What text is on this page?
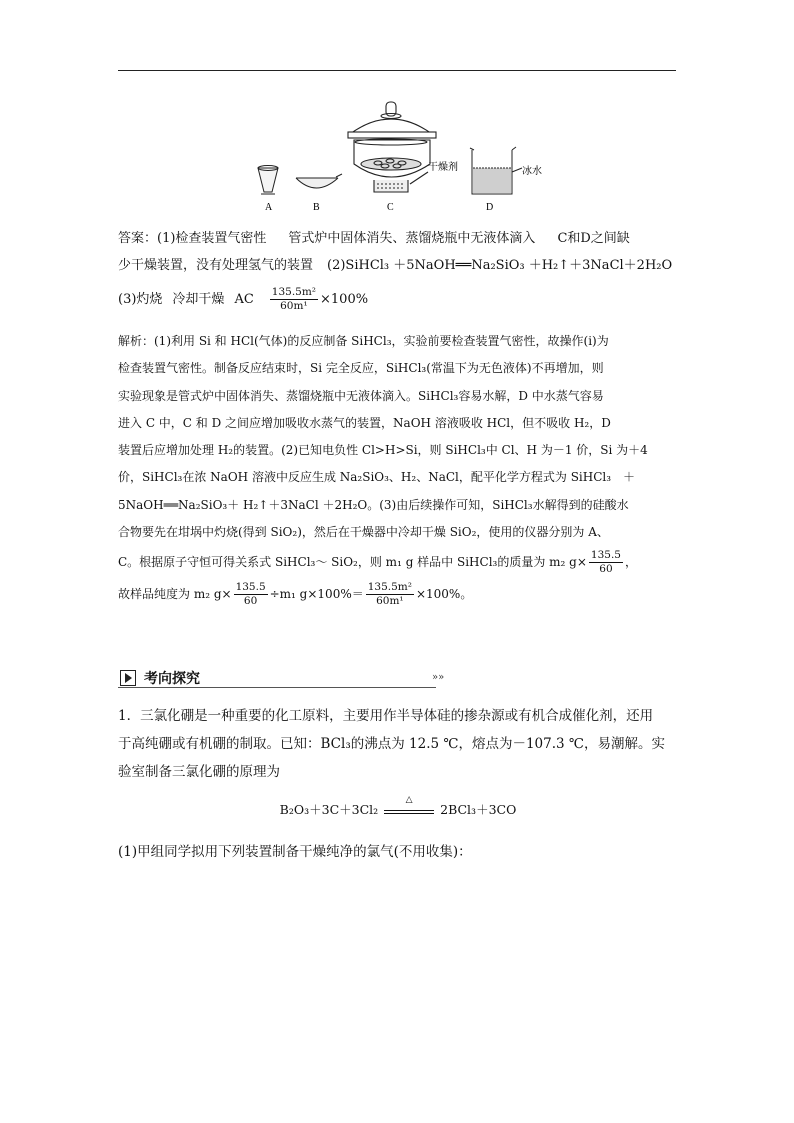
干燥剂	冰水
A	B	C	D
答案：(1)检查装置气密性 管式炉中固体消失、蒸馏烧瓶中无液体滴入 C和D之间缺
少干燥装置，没有处理氢气的装置 (2)SiHCl₃ ＋5NaOH══Na₂SiO₃ ＋H₂↑＋3NaCl＋2H₂O
(3)灼烧 冷却干燥 AC $\frac{\text{135.5m²}}{\text{60m¹}} \times 100\%$
解析：(1)利用 Si 和 HCl(气体)的反应制备 SiHCl₃，实验前要检查装置气密性，故操作(ⅰ)为
检查装置气密性。制备反应结束时，Si 完全反应，SiHCl₃(常温下为无色液体)不再增加，则
实验现象是管式炉中固体消失、蒸馏烧瓶中无液体滴入。SiHCl₃容易水解，D 中水蒸气容易
进入 C 中，C 和 D 之间应增加吸收水蒸气的装置，NaOH 溶液吸收 HCl，但不吸收 H₂，D
装置后应增加处理 H₂的装置。(2)已知电负性 Cl>H>Si，则 SiHCl₃中 Cl、H 为－1 价，Si 为＋4
价，SiHCl₃在浓 NaOH 溶液中反应生成 Na₂SiO₃、H₂、NaCl，配平化学方程式为 SiHCl₃　＋
5NaOH══Na₂SiO₃＋ H₂↑＋3NaCl ＋2H₂O。(3)由后续操作可知，SiHCl₃水解得到的硅酸水
合物要先在坩埚中灼烧(得到 SiO₂)，然后在干燥器中冷却干燥 SiO₂，使用的仪器分别为 A、
C。根据原子守恒可得关系式 SiHCl₃～ SiO₂，则 m₁ g 样品中 SiHCl₃的质量为 m₂ $g\times \frac{135.5}{60}$ ，
故样品纯度为 m₂ $g\times \frac{135.5}{60} \div m_1$ $g\times 100\%= \frac{\text{135.5m²}}{\text{60m¹}} \times 100\%$。
考向探究	»»
1．三氯化硼是一种重要的化工原料，主要用作半导体硅的掺杂源或有机合成催化剂，还用
于高纯硼或有机硼的制取。已知：BCl₃的沸点为 12.5 ℃，熔点为－107.3 ℃，易潮解。实
验室制备三氯化硼的原理为
B₂O₃＋3C＋3Cl₂
△
2BCl₃＋3CO
(1)甲组同学拟用下列装置制备干燥纯净的氯气(不用收集)：
